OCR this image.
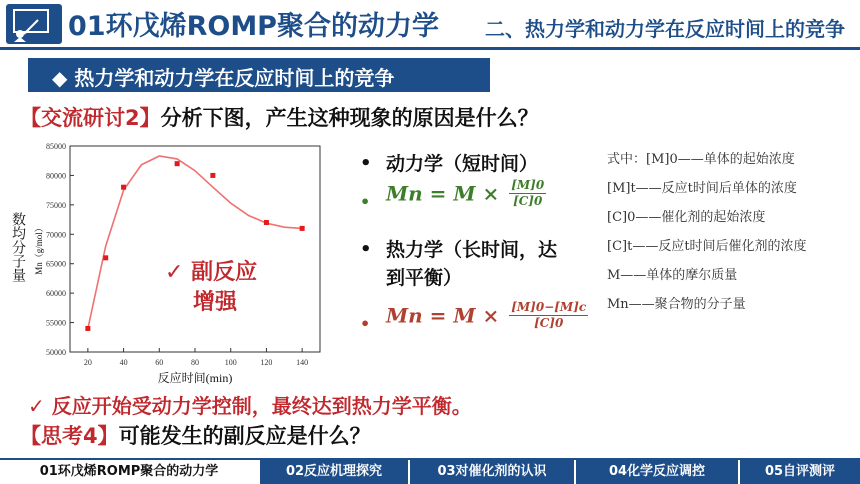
01环戊烯ROMP聚合的动力学 二、热力学和动力学在反应时间上的竞争
◆ 热力学和动力学在反应时间上的竞争
【交流研讨2】分析下图，产生这种现象的原因是什么？
20	40	60	80	100	120	140
50000
55000
60000
65000
70000
75000
80000
85000
反应时间(min)
Mn（g/mol）
数均分子量	✓ 副反应
增强
• 动力学（短时间）
• $Mn = M \times \frac{[M]0}{[C]0}$
• 热力学（长时间，达
到平衡）
• $Mn = M \times \frac{[M]0-[M]c}{[C]0}$
式中：[M]0——单体的起始浓度
[M]t——反应t时间后单体的浓度
[C]0——催化剂的起始浓度
[C]t——反应t时间后催化剂的浓度
M——单体的摩尔质量
Mn——聚合物的分子量
✓ 反应开始受动力学控制，最终达到热力学平衡。
【思考4】可能发生的副反应是什么？
01环戊烯ROMP聚合的动力学	02反应机理探究	03对催化剂的认识	04化学反应调控	05自评测评
